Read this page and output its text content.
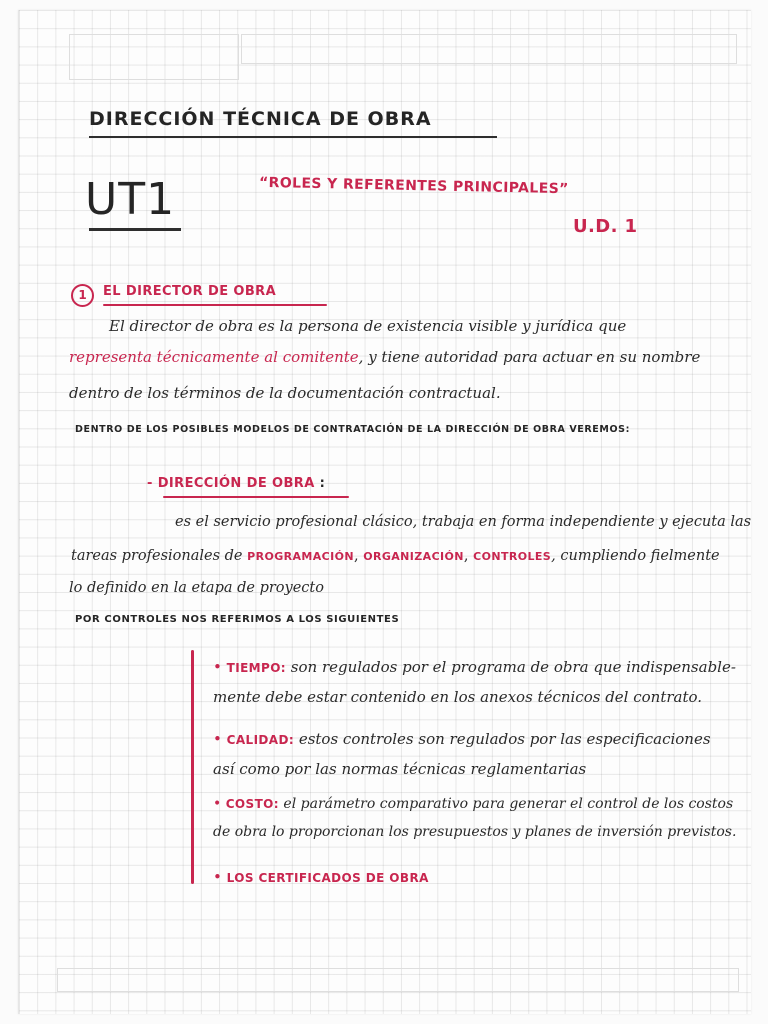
DIRECCIÓN TÉCNICA DE OBRA

UT1	“ROLES Y REFERENTES PRINCIPALES”

U.D. 1

1	EL DIRECTOR DE OBRA

El director de obra es la persona de existencia visible y jurídica que

representa técnicamente al comitente, y tiene autoridad para actuar en su nombre

dentro de los términos de la documentación contractual.

DENTRO DE LOS POSIBLES MODELOS DE CONTRATACIÓN DE LA DIRECCIÓN DE OBRA VEREMOS:

- DIRECCIÓN DE OBRA :

es el servicio profesional clásico, trabaja en forma independiente y ejecuta las

tareas profesionales de PROGRAMACIÓN, ORGANIZACIÓN, CONTROLES, cumpliendo fielmente

lo definido en la etapa de proyecto

POR CONTROLES NOS REFERIMOS A LOS SIGUIENTES

• TIEMPO: son regulados por el programa de obra que indispensable-

mente debe estar contenido en los anexos técnicos del contrato.

• CALIDAD: estos controles son regulados por las especificaciones

así como por las normas técnicas reglamentarias

• COSTO: el parámetro comparativo para generar el control de los costos

de obra lo proporcionan los presupuestos y planes de inversión previstos.

• LOS CERTIFICADOS DE OBRA
